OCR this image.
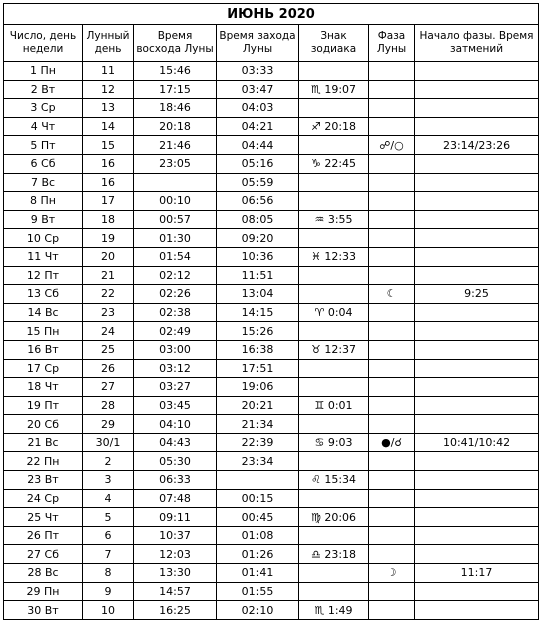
ИЮНЬ 2020						
Число, день недели	Лунный день	Время восхода Луны	Время захода Луны	Знак зодиака	Фаза Луны	Начало фазы. Время затмений
1 Пн	11	15:46	03:33			
2 Вт	12	17:15	03:47	♏ 19:07		
3 Ср	13	18:46	04:03			
4 Чт	14	20:18	04:21	♐ 20:18		
5 Пт	15	21:46	04:44		☍/○	23:14/23:26
6 Сб	16	23:05	05:16	♑ 22:45		
7 Вс	16		05:59			
8 Пн	17	00:10	06:56			
9 Вт	18	00:57	08:05	♒ 3:55		
10 Ср	19	01:30	09:20			
11 Чт	20	01:54	10:36	♓ 12:33		
12 Пт	21	02:12	11:51			
13 Сб	22	02:26	13:04		☾	9:25
14 Вс	23	02:38	14:15	♈ 0:04		
15 Пн	24	02:49	15:26			
16 Вт	25	03:00	16:38	♉ 12:37		
17 Ср	26	03:12	17:51			
18 Чт	27	03:27	19:06			
19 Пт	28	03:45	20:21	♊ 0:01		
20 Сб	29	04:10	21:34			
21 Вс	30/1	04:43	22:39	♋ 9:03	●/☌	10:41/10:42
22 Пн	2	05:30	23:34			
23 Вт	3	06:33		♌ 15:34		
24 Ср	4	07:48	00:15			
25 Чт	5	09:11	00:45	♍ 20:06		
26 Пт	6	10:37	01:08			
27 Сб	7	12:03	01:26	♎ 23:18		
28 Вс	8	13:30	01:41		☽	11:17
29 Пн	9	14:57	01:55			
30 Вт	10	16:25	02:10	♏ 1:49		
